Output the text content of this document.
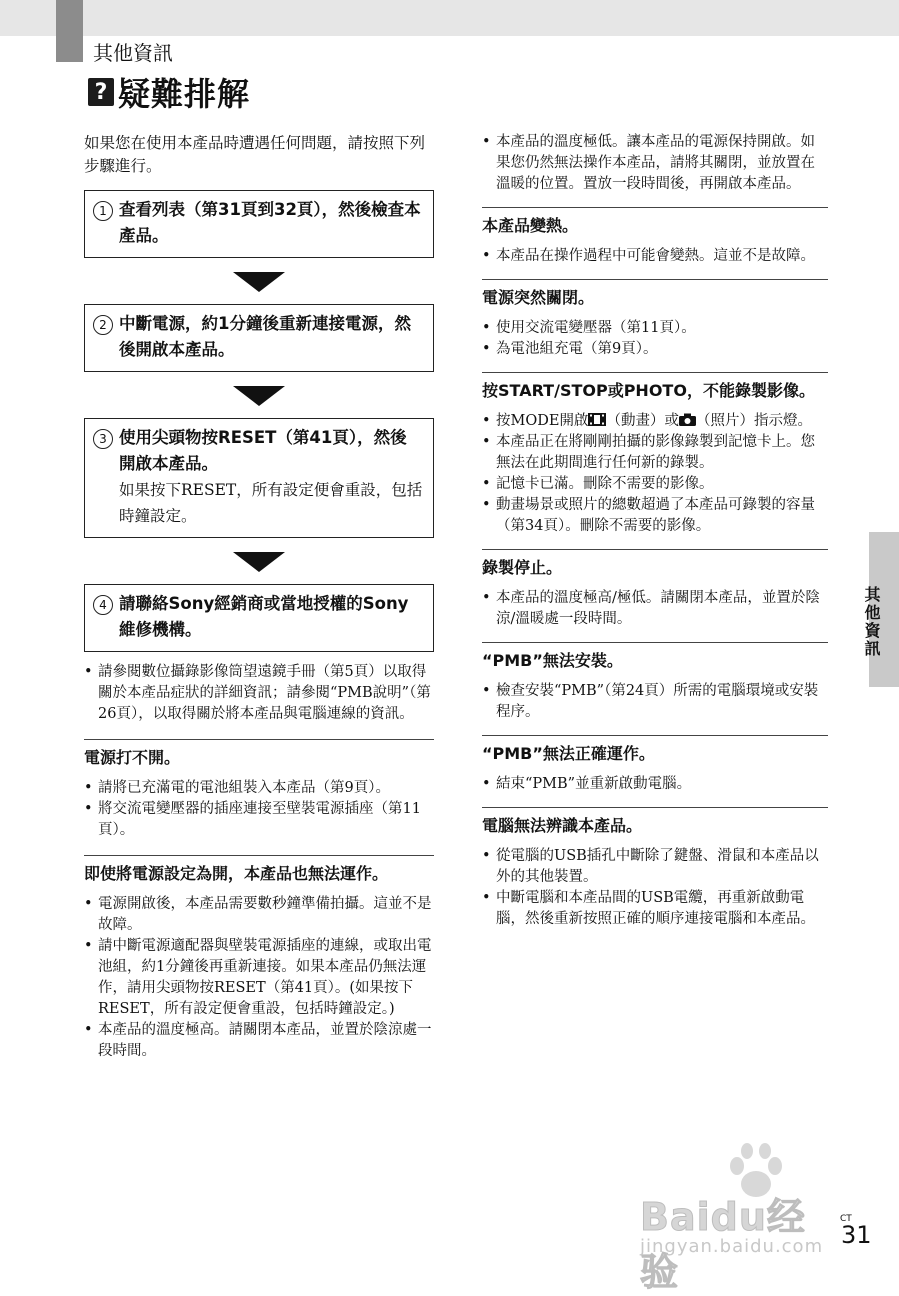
其他資訊
? 疑難排解

如果您在使用本產品時遭遇任何問題，請按照下列步驟進行。

1 查看列表（第31頁到32頁），然後檢查本產品。
2 中斷電源，約1分鐘後重新連接電源，然後開啟本產品。
3 使用尖頭物按RESET（第41頁），然後開啟本產品。
如果按下RESET，所有設定便會重設，包括時鐘設定。
4 請聯絡Sony經銷商或當地授權的Sony維修機構。
• 請參閱數位攝錄影像筒望遠鏡手冊（第5頁）以取得關於本產品症狀的詳細資訊；請參閱“PMB說明”（第26頁），以取得關於將本產品與電腦連線的資訊。
電源打不開。
• 請將已充滿電的電池組裝入本產品（第9頁）。
• 將交流電變壓器的插座連接至壁裝電源插座（第11頁）。
即使將電源設定為開，本產品也無法運作。
• 電源開啟後，本產品需要數秒鐘準備拍攝。這並不是故障。
• 請中斷電源適配器與壁裝電源插座的連線，或取出電池組，約1分鐘後再重新連接。如果本產品仍無法運作，請用尖頭物按RESET（第41頁）。(如果按下RESET，所有設定便會重設，包括時鐘設定。)
• 本產品的溫度極高。請關閉本產品，並置於陰涼處一段時間。
• 本產品的溫度極低。讓本產品的電源保持開啟。如果您仍然無法操作本產品，請將其關閉，並放置在溫暖的位置。置放一段時間後，再開啟本產品。
本產品變熱。
• 本產品在操作過程中可能會變熱。這並不是故障。
電源突然關閉。
• 使用交流電變壓器（第11頁）。
• 為電池組充電（第9頁）。
按START/STOP或PHOTO，不能錄製影像。
• 按MODE開啟 （動畫）或 （照片）指示燈。
• 本產品正在將剛剛拍攝的影像錄製到記憶卡上。您無法在此期間進行任何新的錄製。
• 記憶卡已滿。刪除不需要的影像。
• 動畫場景或照片的總數超過了本產品可錄製的容量（第34頁）。刪除不需要的影像。
錄製停止。
• 本產品的溫度極高/極低。請關閉本產品，並置於陰涼/溫暖處一段時間。
“PMB”無法安裝。
• 檢查安裝“PMB”（第24頁）所需的電腦環境或安裝程序。
“PMB”無法正確運作。
• 結束“PMB”並重新啟動電腦。
電腦無法辨識本產品。
• 從電腦的USB插孔中斷除了鍵盤、滑鼠和本產品以外的其他裝置。
• 中斷電腦和本產品間的USB電纜，再重新啟動電腦，然後重新按照正確的順序連接電腦和本產品。
其他資訊
Baidu经验
jingyan.baidu.com
CT
31
